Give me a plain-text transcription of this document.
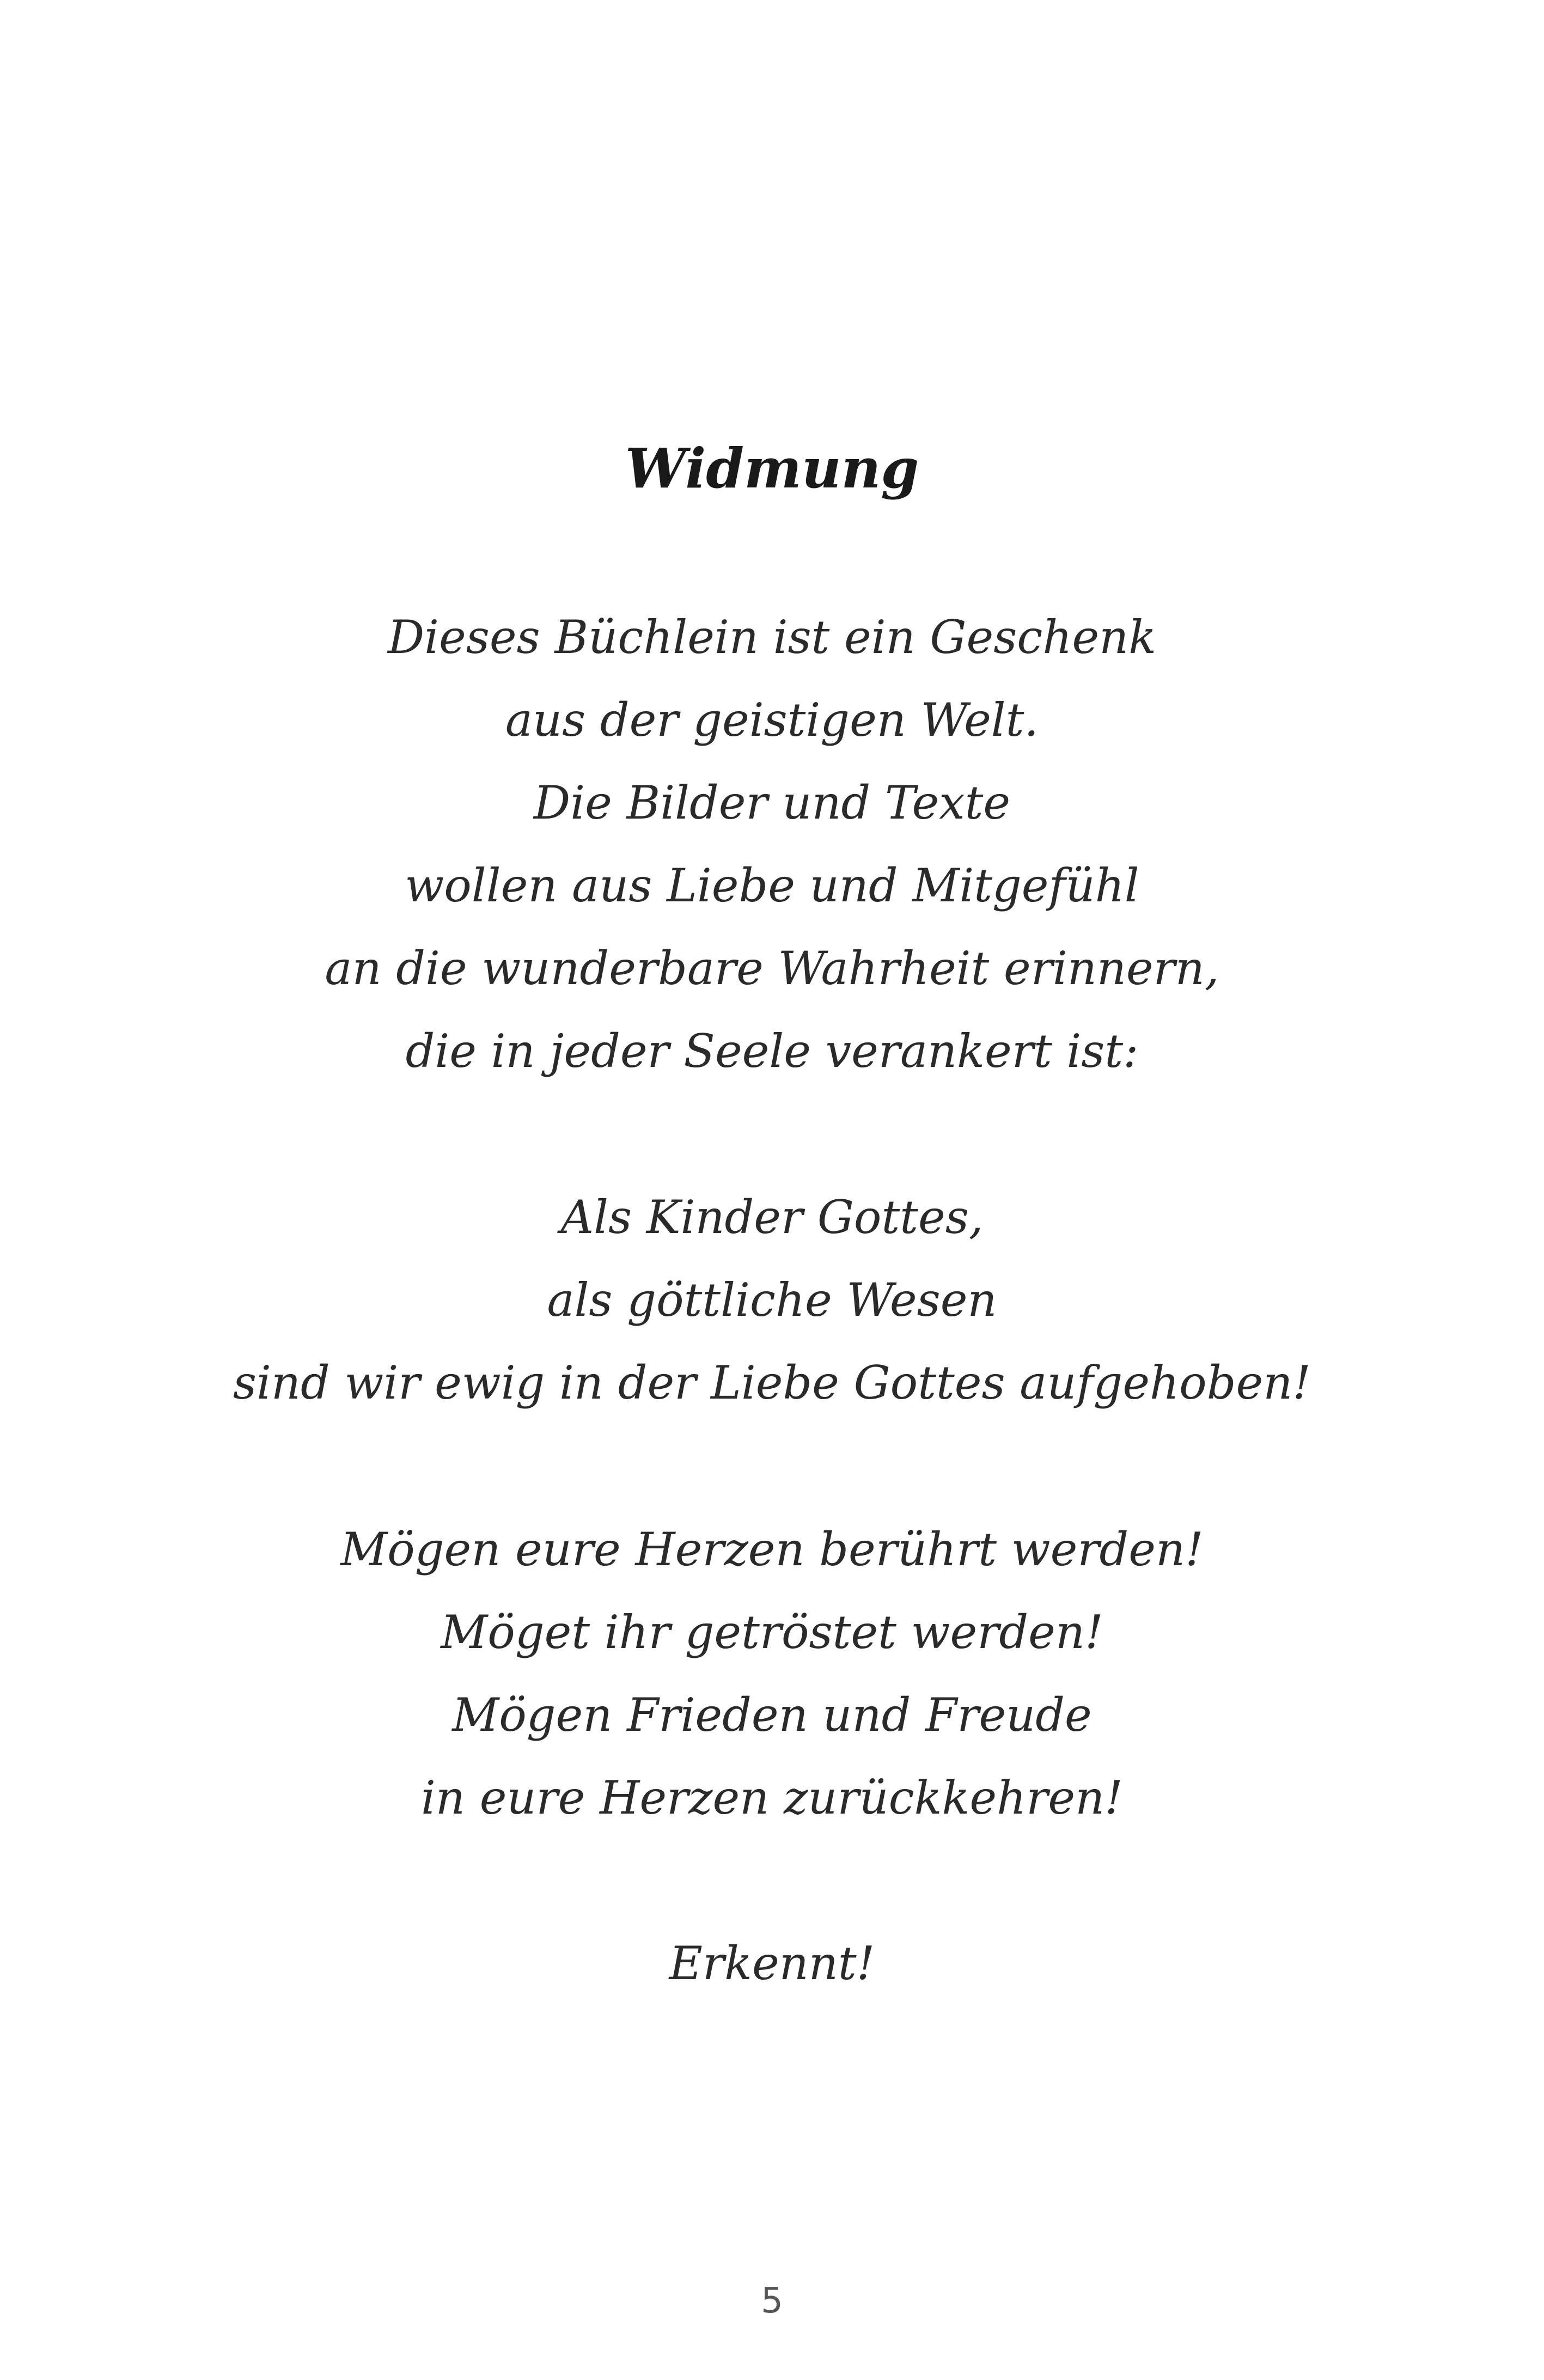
Widmung
Dieses Büchlein ist ein Geschenk
aus der geistigen Welt.
Die Bilder und Texte
wollen aus Liebe und Mitgefühl
an die wunderbare Wahrheit erinnern,
die in jeder Seele verankert ist:
Als Kinder Gottes,
als göttliche Wesen
sind wir ewig in der Liebe Gottes aufgehoben!
Mögen eure Herzen berührt werden!
Möget ihr getröstet werden!
Mögen Frieden und Freude
in eure Herzen zurückkehren!
Erkennt!
5
